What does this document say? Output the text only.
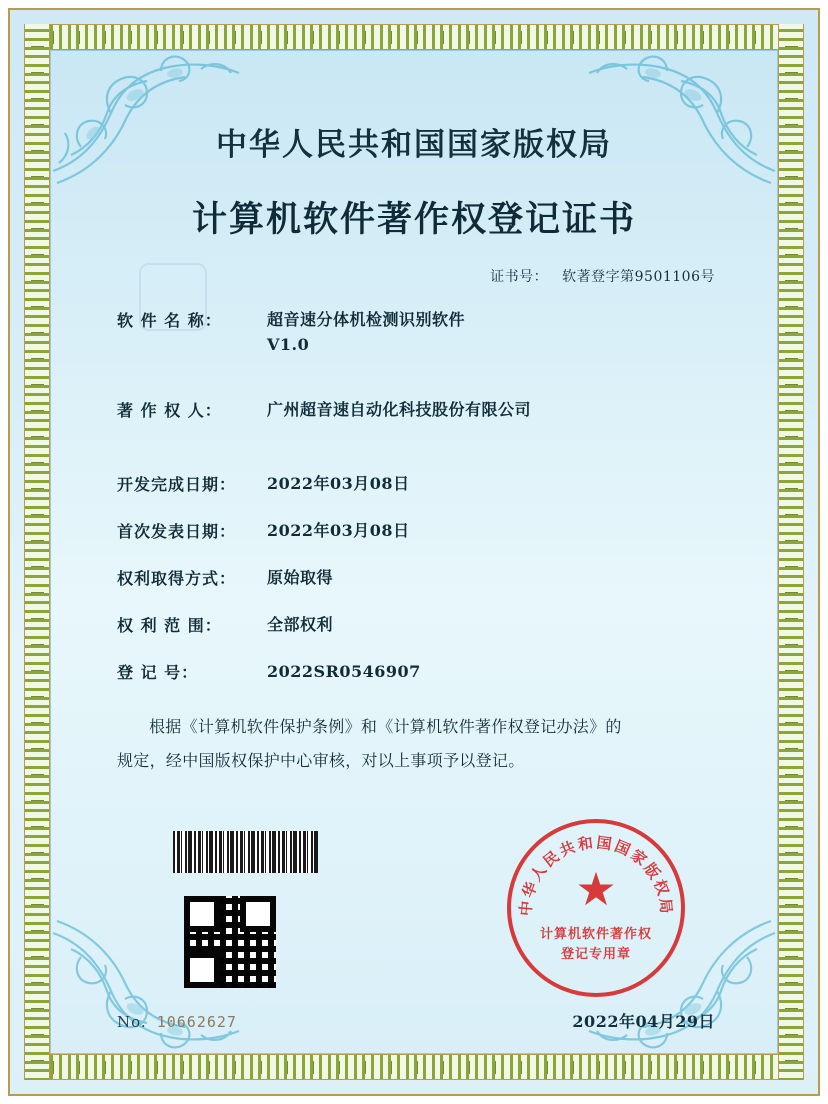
中华人民共和国国家版权局
计算机软件著作权登记证书
证书号： 软著登字第9501106号
软 件 名 称：	超音速分体机检测识别软件
V1.0
著 作 权 人：	广州超音速自动化科技股份有限公司
开发完成日期：	2022年03月08日
首次发表日期：	2022年03月08日
权利取得方式：	原始取得
权 利 范 围：	全部权利
登 记 号：	2022SR0546907
根据《计算机软件保护条例》和《计算机软件著作权登记办法》的
规定，经中国版权保护中心审核，对以上事项予以登记。
中华人民共和国国家版权局
★
计算机软件著作权
登记专用章
No. 10662627	2022年04月29日
